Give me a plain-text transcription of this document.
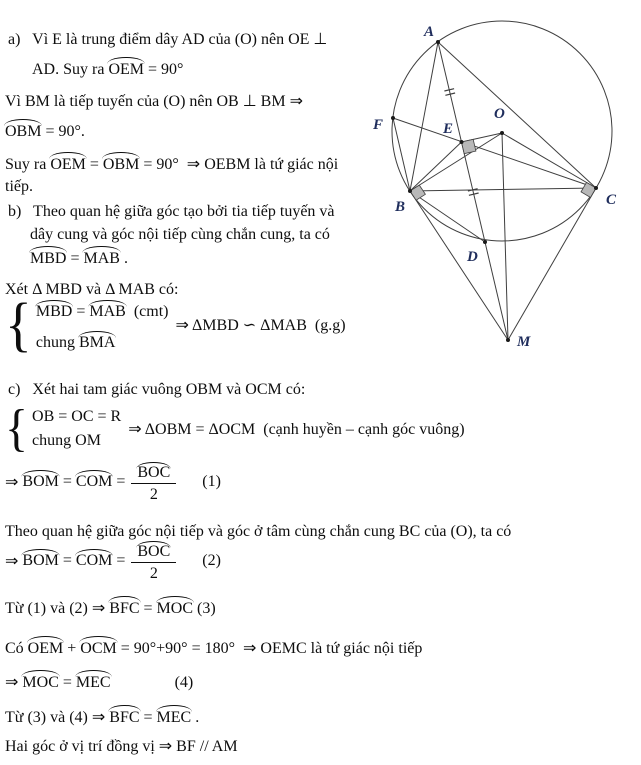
a)   Vì E là trung điểm dây AD của (O) nên OE ⊥
AD. Suy ra OEM = 90°
Vì BM là tiếp tuyến của (O) nên OB ⊥ BM ⇒
OBM = 90°.
Suy ra OEM = OBM = 90°  ⇒ OEBM là tứ giác nội
tiếp.
b)   Theo quan hệ giữa góc tạo bởi tia tiếp tuyến và
dây cung và góc nội tiếp cùng chắn cung, ta có
MBD = MAB .
Xét Δ MBD và Δ MAB có:
{ MBD = MAB  (cmt)
chung BMA
⇒ ΔMBD ∽ ΔMAB  (g.g)
c)   Xét hai tam giác vuông OBM và OCM có:
{ OB = OC = R
chung OM
⇒ ΔOBM = ΔOCM  (cạnh huyền – cạnh góc vuông)
⇒ BOM = COM = $\frac{\text{BOC}}{2} (1)$
Theo quan hệ giữa góc nội tiếp và góc ở tâm cùng chắn cung BC của (O), ta có
⇒ BOM = COM = $\frac{\text{BOC}}{2} (2)$
Từ (1) và (2) ⇒ BFC = MOC (3)
Có OEM + OCM = 90°+90° = 180°  ⇒ OEMC là tứ giác nội tiếp
⇒ MOC = MEC                (4)
Từ (3) và (4) ⇒ BFC = MEC .
Hai góc ở vị trí đồng vị ⇒ BF // AM
A
F	E
O
B	C
D
M
